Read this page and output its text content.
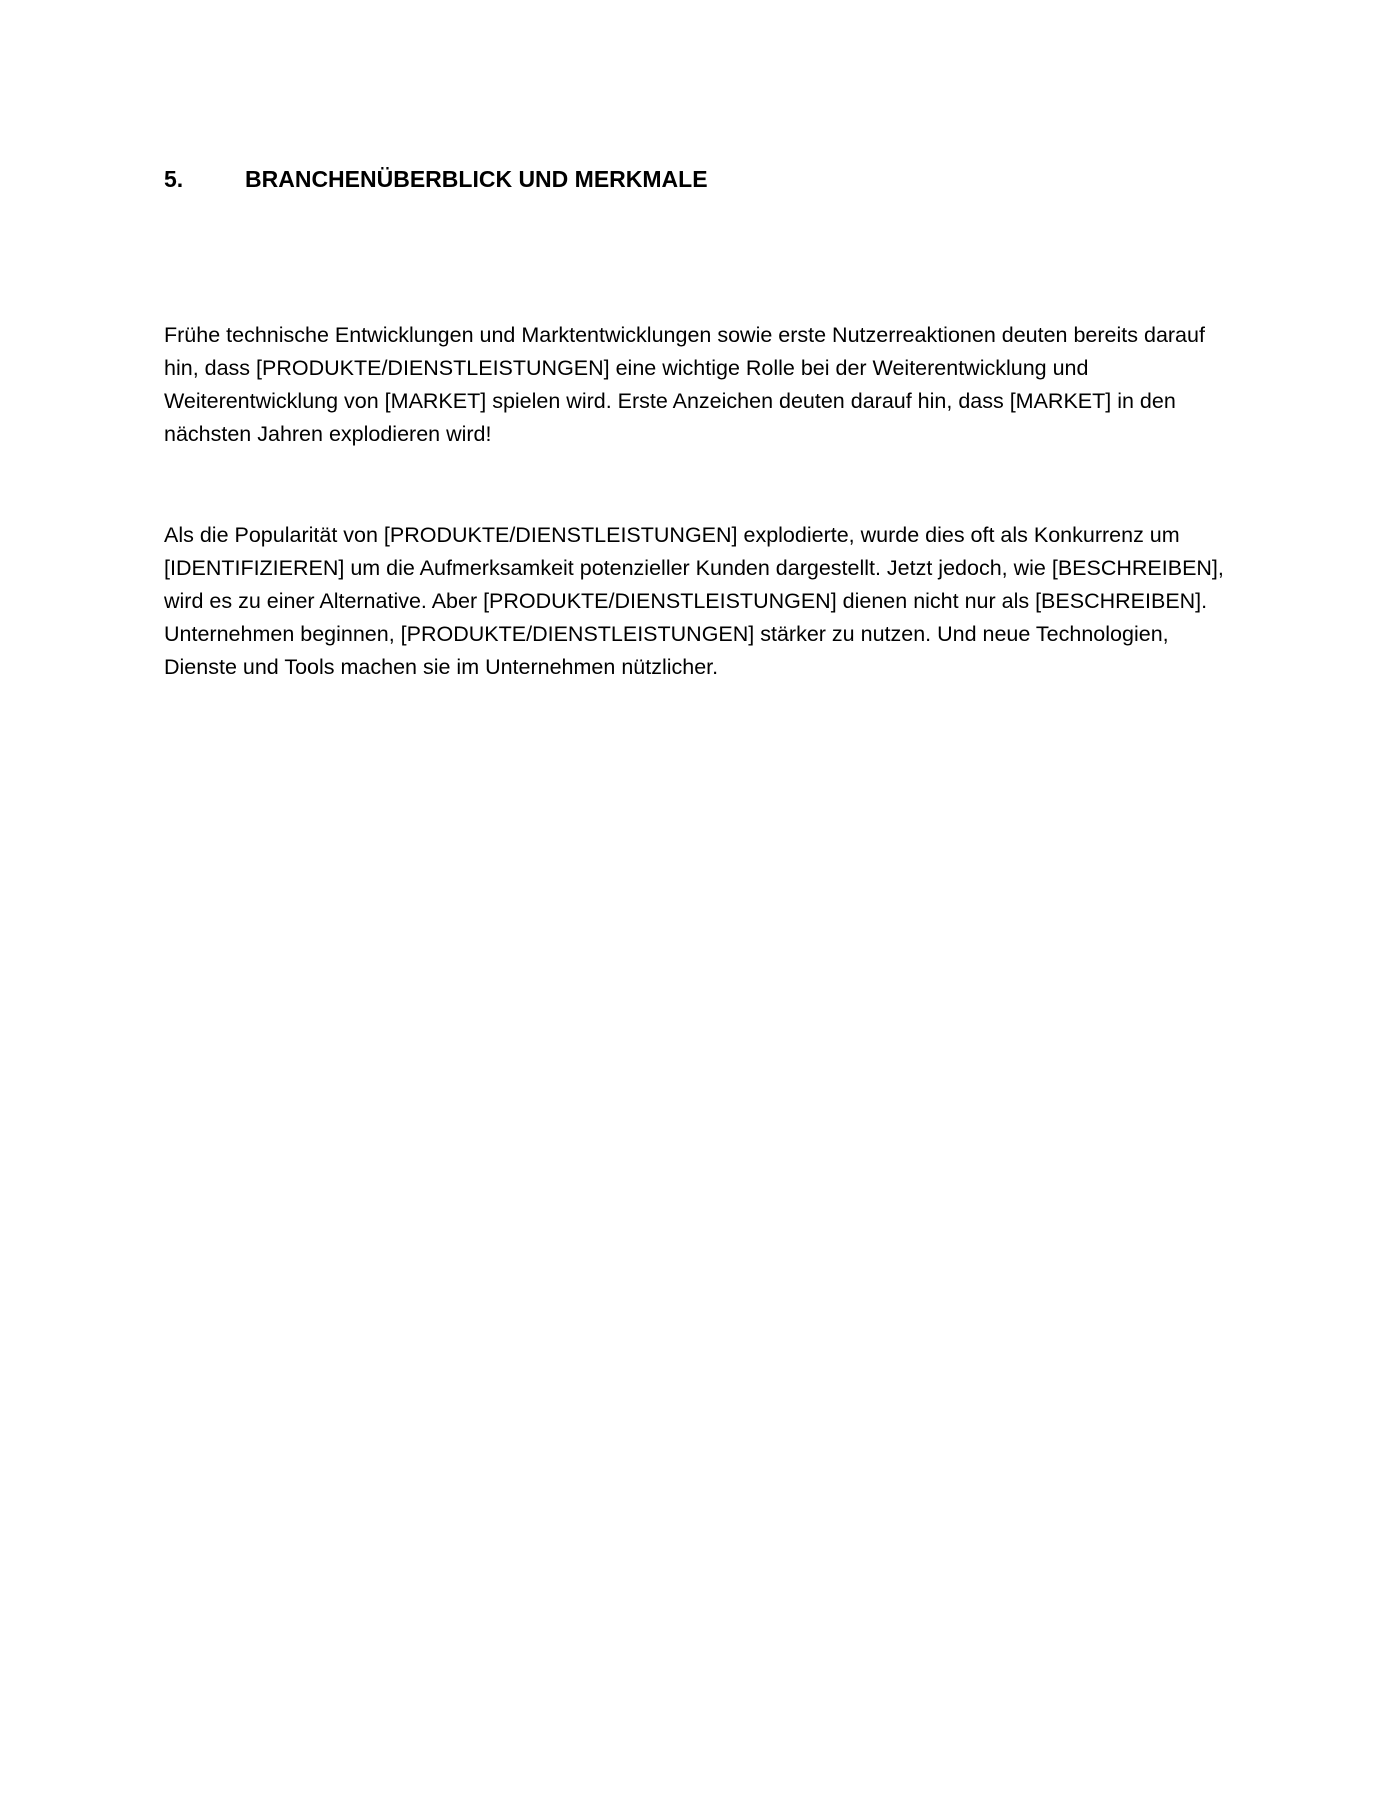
5.	BRANCHENÜBERBLICK UND MERKMALE

Frühe technische Entwicklungen und Marktentwicklungen sowie erste Nutzerreaktionen deuten bereits darauf hin, dass [PRODUKTE/DIENSTLEISTUNGEN] eine wichtige Rolle bei der Weiterentwicklung und Weiterentwicklung von [MARKET] spielen wird. Erste Anzeichen deuten darauf hin, dass [MARKET] in den nächsten Jahren explodieren wird!

Als die Popularität von [PRODUKTE/DIENSTLEISTUNGEN] explodierte, wurde dies oft als Konkurrenz um [IDENTIFIZIEREN] um die Aufmerksamkeit potenzieller Kunden dargestellt. Jetzt jedoch, wie [BESCHREIBEN], wird es zu einer Alternative. Aber [PRODUKTE/DIENSTLEISTUNGEN] dienen nicht nur als [BESCHREIBEN]. Unternehmen beginnen, [PRODUKTE/DIENSTLEISTUNGEN] stärker zu nutzen. Und neue Technologien, Dienste und Tools machen sie im Unternehmen nützlicher.
